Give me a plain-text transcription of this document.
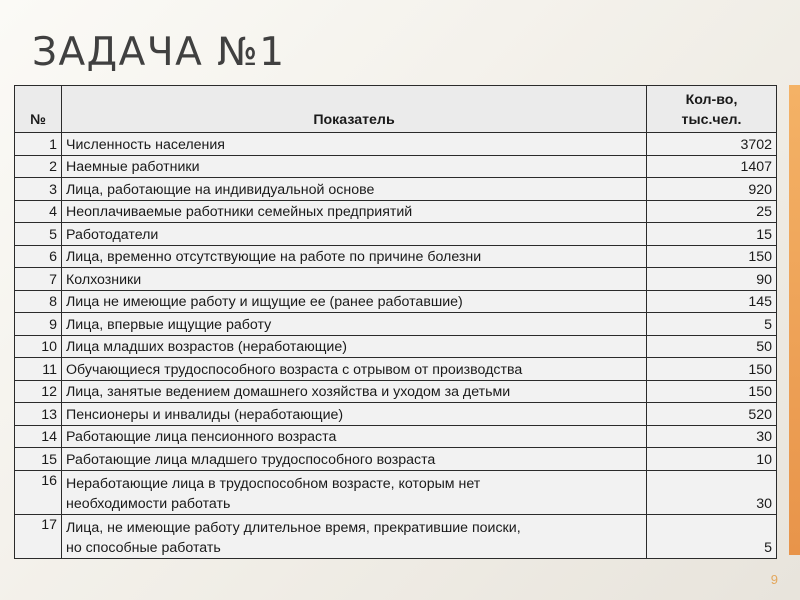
ЗАДАЧА №1
№	Показатель	Кол-во,
тыс.чел.
1	Численность населения	3702
2	Наемные работники	1407
3	Лица, работающие на индивидуальной основе	920
4	Неоплачиваемые работники семейных предприятий	25
5	Работодатели	15
6	Лица, временно отсутствующие на работе по причине болезни	150
7	Колхозники	90
8	Лица не имеющие работу и ищущие ее (ранее работавшие)	145
9	Лица, впервые ищущие работу	5
10	Лица младших возрастов (неработающие)	50
11	Обучающиеся трудоспособного возраста с отрывом от производства	150
12	Лица, занятые ведением домашнего хозяйства и уходом за детьми	150
13	Пенсионеры и инвалиды (неработающие)	520
14	Работающие лица пенсионного возраста	30
15	Работающие лица младшего трудоспособного возраста	10
16	Неработающие лица в трудоспособном возрасте, которым нет
необходимости работать	30
17	Лица, не имеющие работу длительное время, прекратившие поиски,
но способные работать	5
9
